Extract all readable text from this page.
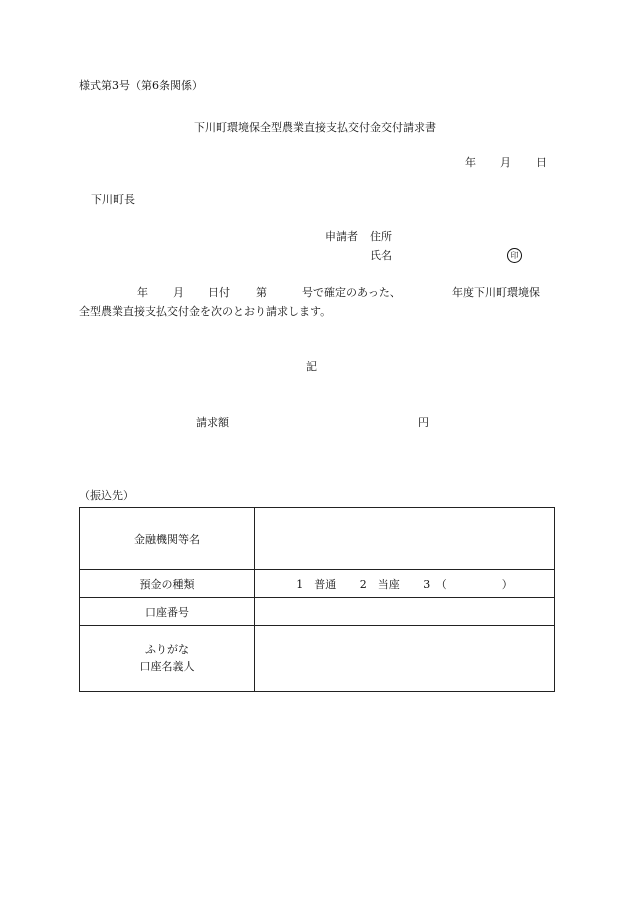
様式第3号（第6条関係）
下川町環境保全型農業直接支払交付金交付請求書
年 月 日
下川町長
申請者 住所
氏名	印
年 月 日付 第	号で確定のあった、	年度下川町環境保
全型農業直接支払交付金を次のとおり請求します。
記
請求額	円
（振込先）
金融機関等名	
預金の種類	1　普通 2　当座 3　（　　　　　）
口座番号	

ふりがな
口座名義人	
